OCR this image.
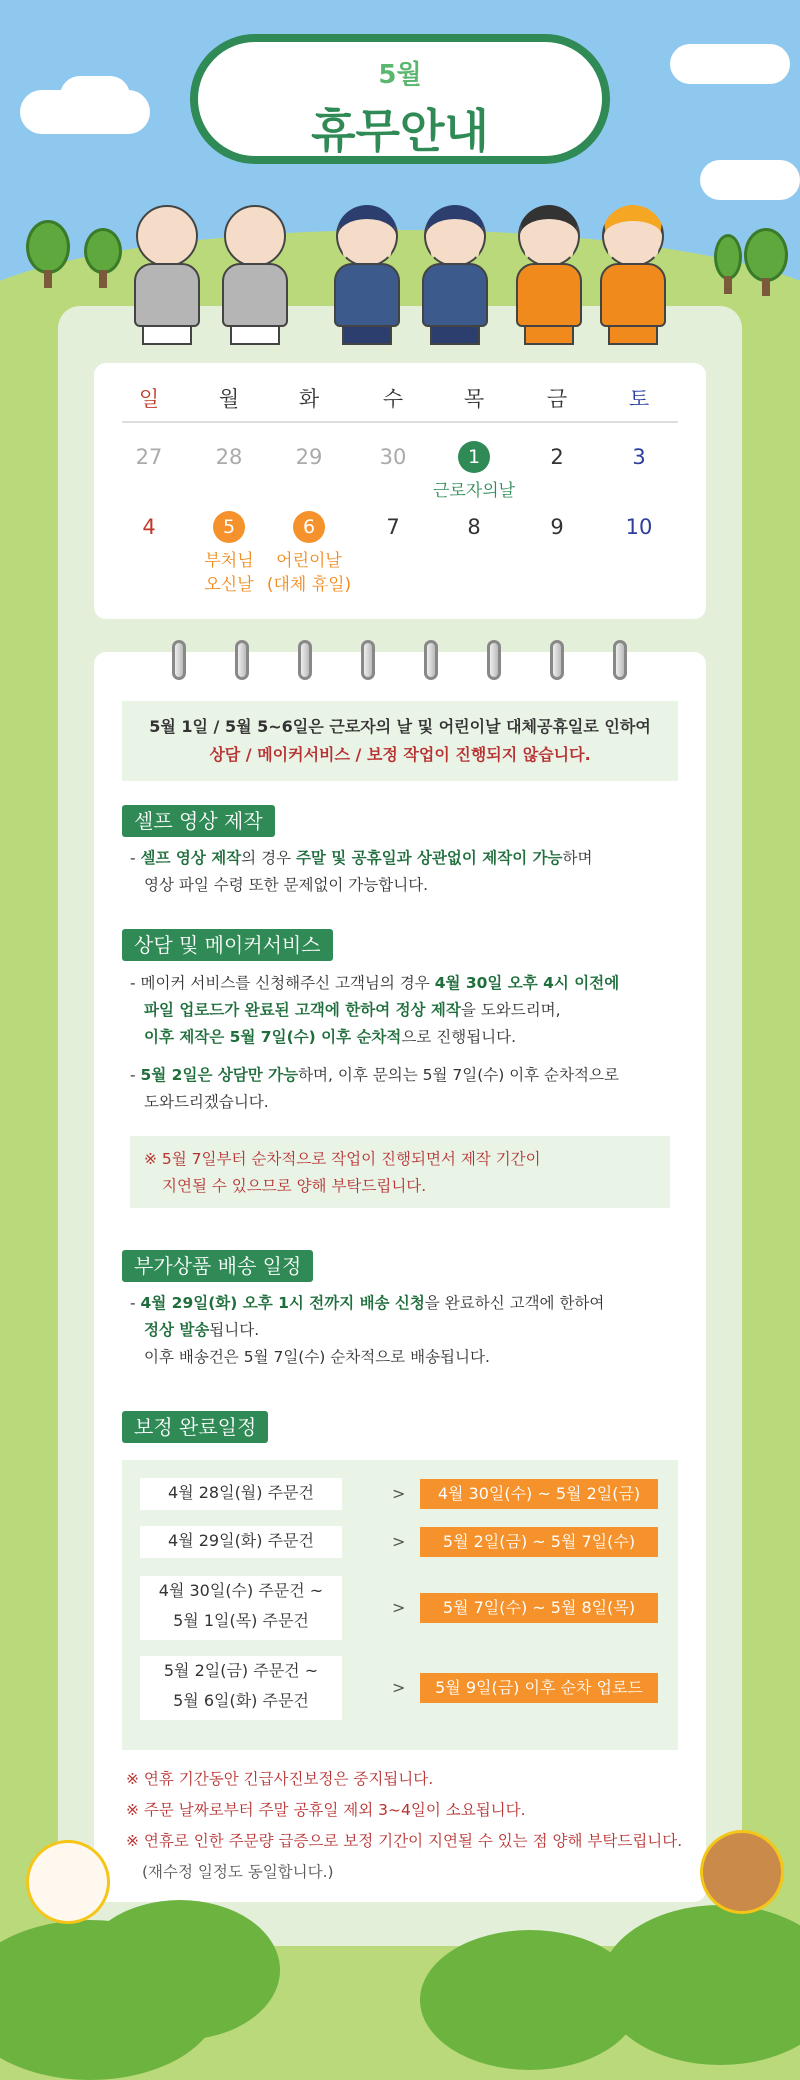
5월
휴무안내
일	월	화	수	목	금	토
27	28	29	30	1	2	3
근로자의날
4	5	6	7	8	9	10
부처님
오신날
어린이날
(대체 휴일)
5월 1일 / 5월 5~6일은 근로자의 날 및 어린이날 대체공휴일로 인하여
상담 / 메이커서비스 / 보정 작업이 진행되지 않습니다.
셀프 영상 제작
- 셀프 영상 제작의 경우 주말 및 공휴일과 상관없이 제작이 가능하며
영상 파일 수령 또한 문제없이 가능합니다.
상담 및 메이커서비스
- 메이커 서비스를 신청해주신 고객님의 경우 4월 30일 오후 4시 이전에
파일 업로드가 완료된 고객에 한하여 정상 제작을 도와드리며,
이후 제작은 5월 7일(수) 이후 순차적으로 진행됩니다.
- 5월 2일은 상담만 가능하며, 이후 문의는 5월 7일(수) 이후 순차적으로
도와드리겠습니다.
※ 5월 7일부터 순차적으로 작업이 진행되면서 제작 기간이
지연될 수 있으므로 양해 부탁드립니다.
부가상품 배송 일정
- 4월 29일(화) 오후 1시 전까지 배송 신청을 완료하신 고객에 한하여
정상 발송됩니다.
이후 배송건은 5월 7일(수) 순차적으로 배송됩니다.
보정 완료일정
4월 28일(월) 주문건	>	4월 30일(수) ~ 5월 2일(금)
4월 29일(화) 주문건	>	5월 2일(금) ~ 5월 7일(수)
4월 30일(수) 주문건 ~
5월 1일(목) 주문건
>	5월 7일(수) ~ 5월 8일(목)
5월 2일(금) 주문건 ~
5월 6일(화) 주문건
>	5월 9일(금) 이후 순차 업로드
※ 연휴 기간동안 긴급사진보정은 중지됩니다.
※ 주문 날짜로부터 주말 공휴일 제외 3~4일이 소요됩니다.
※ 연휴로 인한 주문량 급증으로 보정 기간이 지연될 수 있는 점 양해 부탁드립니다.
(재수정 일정도 동일합니다.)
